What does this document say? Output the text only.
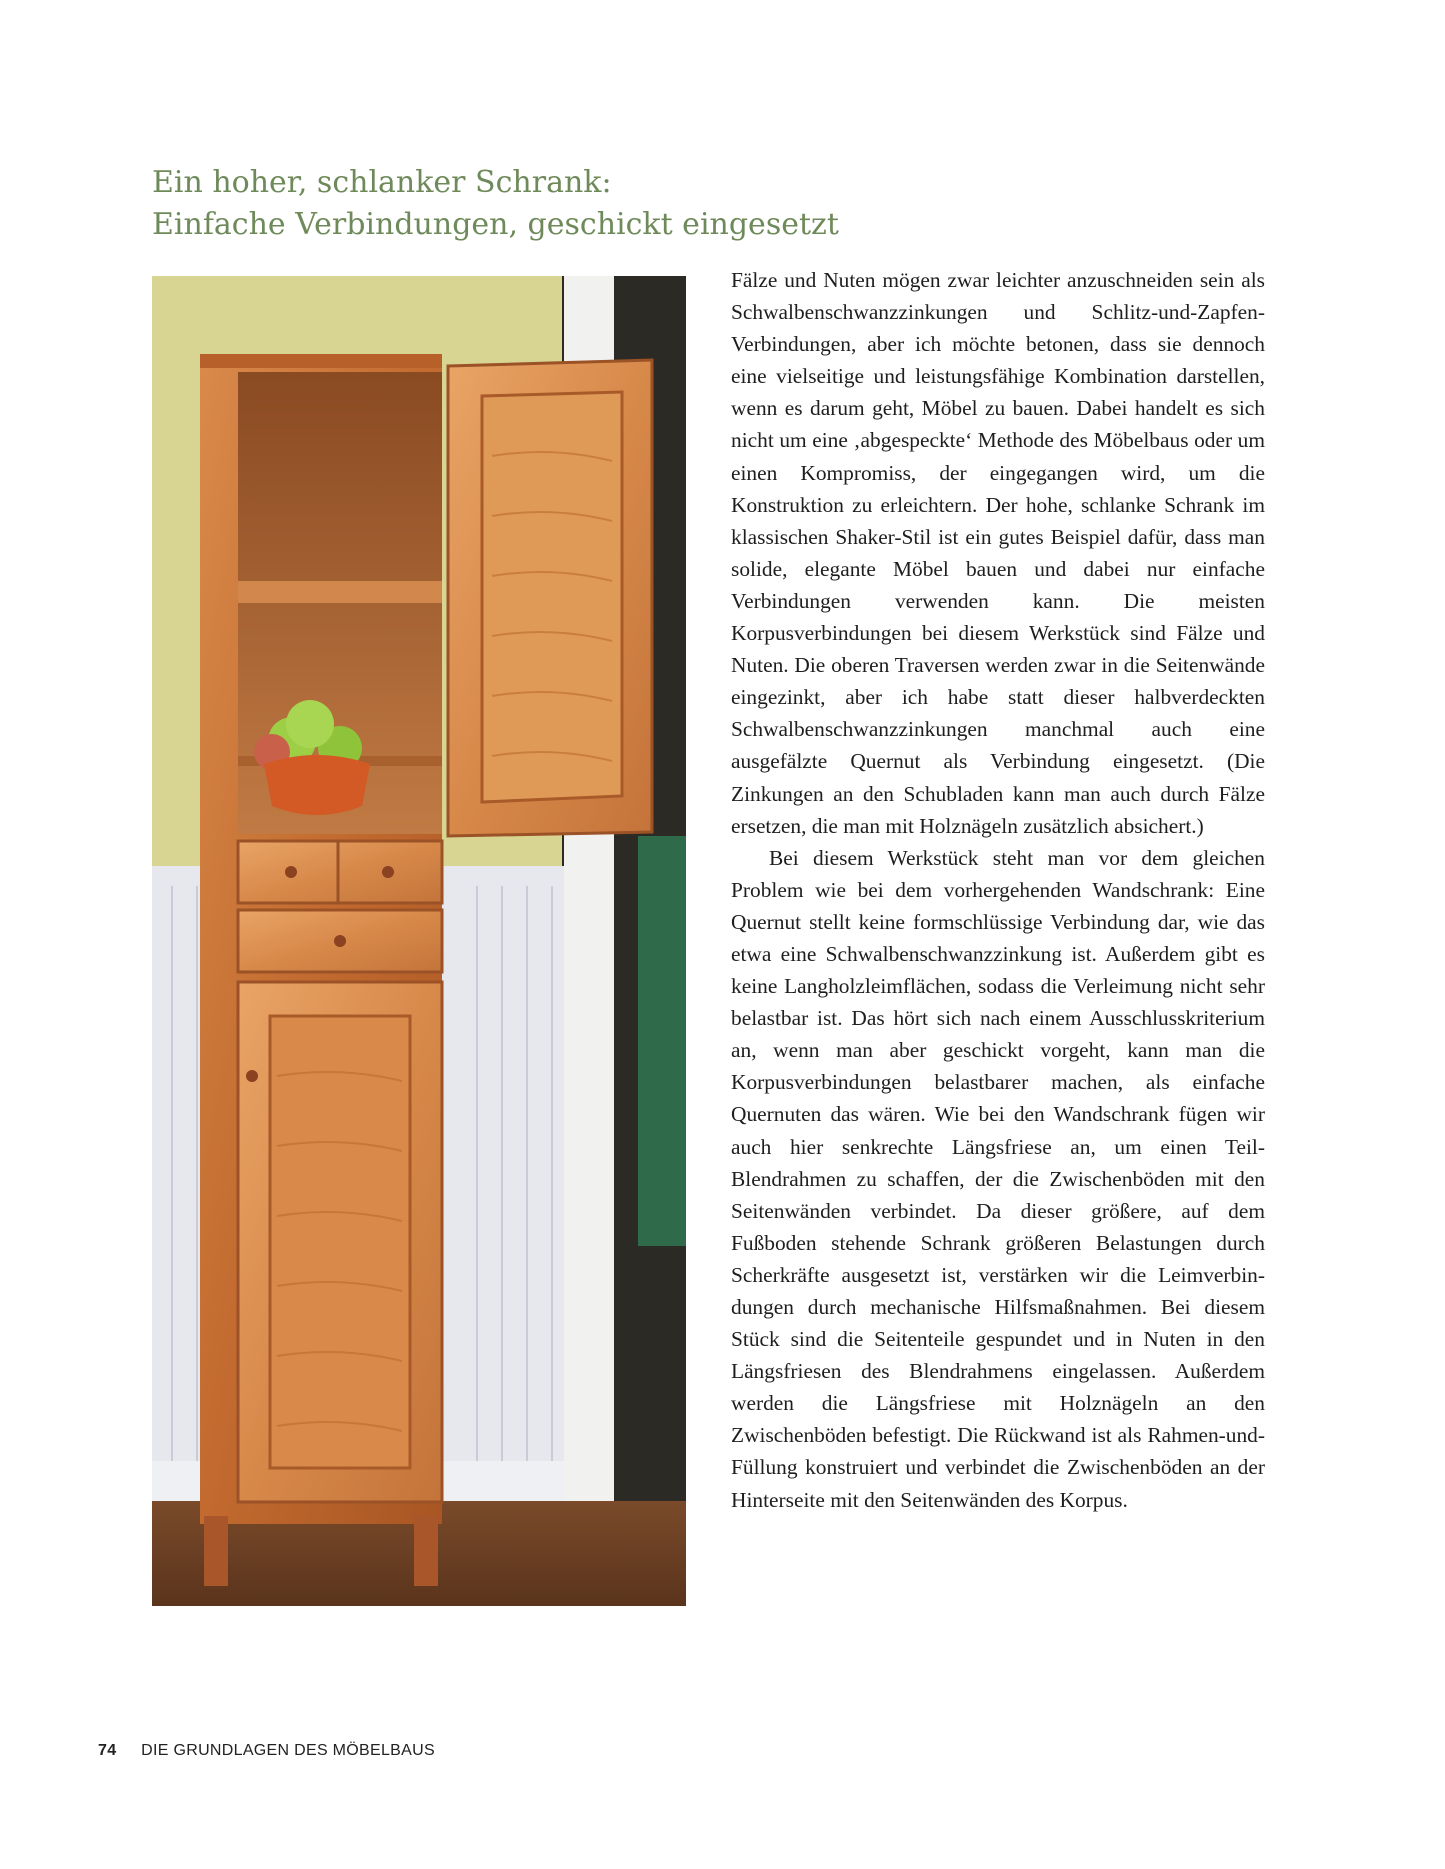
Ein hoher, schlanker Schrank:
Einfache Verbindungen, geschickt eingesetzt

Fälze und Nuten mögen zwar leichter anzuschneiden sein als Schwalbenschwanzzinkungen und Schlitz-und-Zapfen-Verbindungen, aber ich möchte betonen, dass sie dennoch eine vielseitige und leistungsfähige Kombination darstellen, wenn es darum geht, Möbel zu bauen. Dabei handelt es sich nicht um eine ‚abgespeckte‘ Methode des Möbelbaus oder um einen Kompromiss, der eingegangen wird, um die Konstruktion zu erleichtern. Der hohe, schlanke Schrank im klassischen Shaker-Stil ist ein gutes Beispiel dafür, dass man solide, elegante Möbel bauen und dabei nur einfache Verbindungen verwenden kann. Die meisten Korpusverbindungen bei diesem Werkstück sind Fälze und Nuten. Die oberen Traversen werden zwar in die Seitenwände eingezinkt, aber ich habe statt dieser halbverdeckten Schwalbenschwanzzinkungen manchmal auch eine ausgefälzte Quernut als Verbindung eingesetzt. (Die Zinkungen an den Schubladen kann man auch durch Fälze ersetzen, die man mit Holznägeln zusätzlich absichert.)

Bei diesem Werkstück steht man vor dem gleichen Problem wie bei dem vorhergehenden Wandschrank: Eine Quernut stellt keine formschlüssige Verbindung dar, wie das etwa eine Schwalbenschwanzzinkung ist. Außerdem gibt es keine Langholzleimflächen, sodass die Verleimung nicht sehr belastbar ist. Das hört sich nach einem Ausschlusskriterium an, wenn man aber geschickt vorgeht, kann man die Korpusverbindungen belastbarer machen, als einfache Quernuten das wären. Wie bei den Wandschrank fügen wir auch hier senkrechte Längsfriese an, um einen Teil-Blendrahmen zu schaffen, der die Zwischenböden mit den Seitenwänden verbindet. Da dieser größere, auf dem Fußboden stehende Schrank größeren Belastungen durch Scherkräfte ausgesetzt ist, verstärken wir die Leimverbindungen durch mechanische Hilfsmaßnahmen. Bei diesem Stück sind die Seitenteile gespundet und in Nuten in den Längsfriesen des Blendrahmens eingelassen. Außerdem werden die Längsfriese mit Holznägeln an den Zwischenböden befestigt. Die Rückwand ist als Rahmen-und-Füllung konstruiert und verbindet die Zwischenböden an der Hinterseite mit den Seitenwänden des Korpus.

74 DIE GRUNDLAGEN DES MÖBELBAUS
